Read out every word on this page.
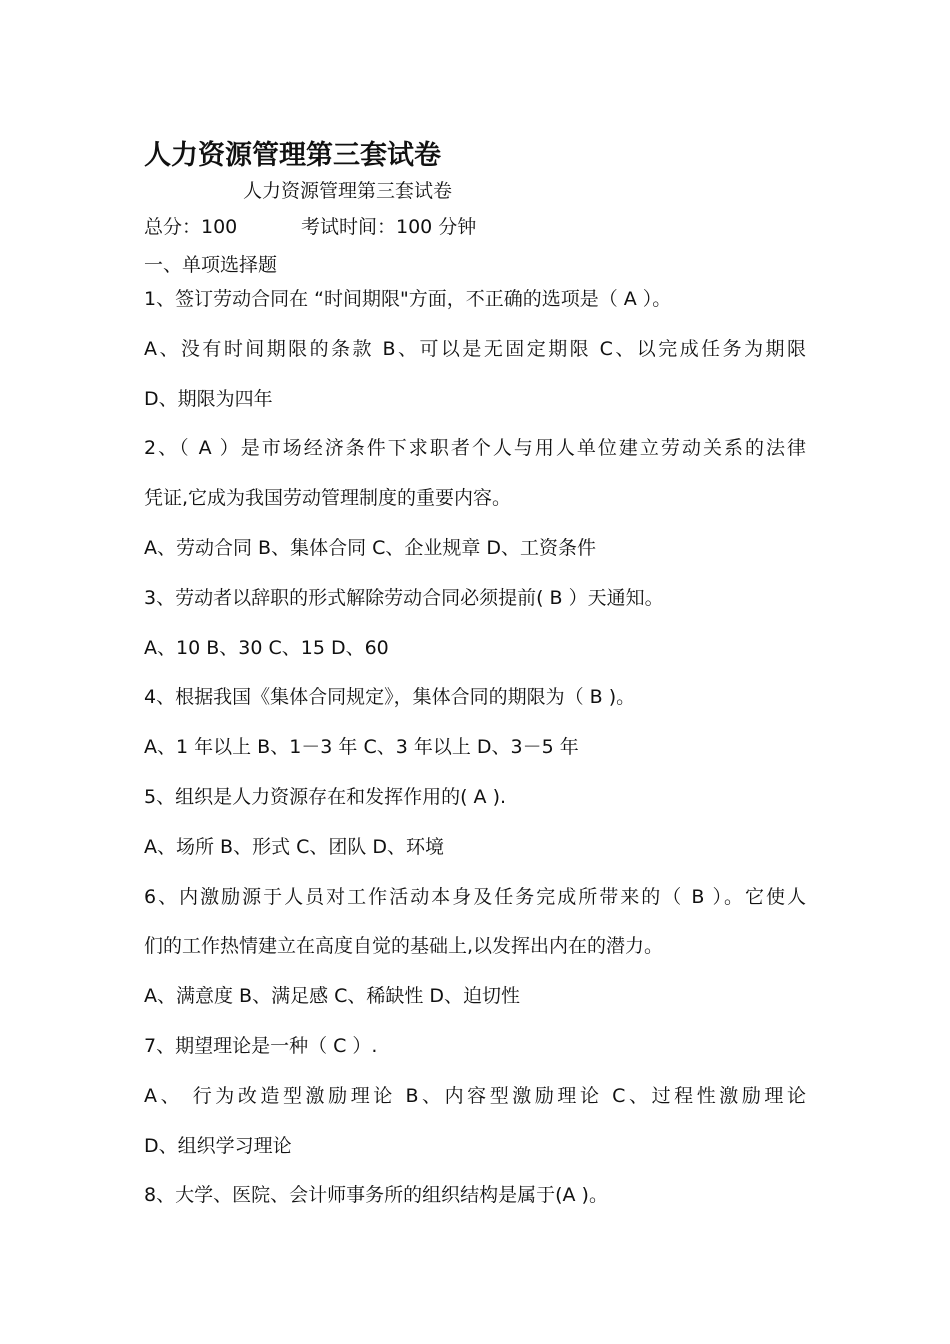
人力资源管理第三套试卷
人力资源管理第三套试卷
总分：100	考试时间：100 分钟
一、单项选择题
1、签订劳动合同在 “时间期限"方面，不正确的选项是（ A ）。
A、没有时间期限的条款 B、可以是无固定期限 C、以完成任务为期限
D、期限为四年
2、（ A ）是市场经济条件下求职者个人与用人单位建立劳动关系的法律
凭证,它成为我国劳动管理制度的重要内容。
A、劳动合同 B、集体合同 C、企业规章 D、工资条件
3、劳动者以辞职的形式解除劳动合同必须提前( B ）天通知。
A、10 B、30 C、15 D、60
4、根据我国《集体合同规定》，集体合同的期限为（ B )。
A、1 年以上 B、1－3 年 C、3 年以上 D、3－5 年
5、组织是人力资源存在和发挥作用的( A ).
A、场所 B、形式 C、团队 D、环境
6、内激励源于人员对工作活动本身及任务完成所带来的（ B ）。它使人
们的工作热情建立在高度自觉的基础上,以发挥出内在的潜力。
A、满意度 B、满足感 C、稀缺性 D、迫切性
7、期望理论是一种（ C ）.
A、 行为改造型激励理论 B、内容型激励理论 C、过程性激励理论
D、组织学习理论
8、大学、医院、会计师事务所的组织结构是属于(A )。
